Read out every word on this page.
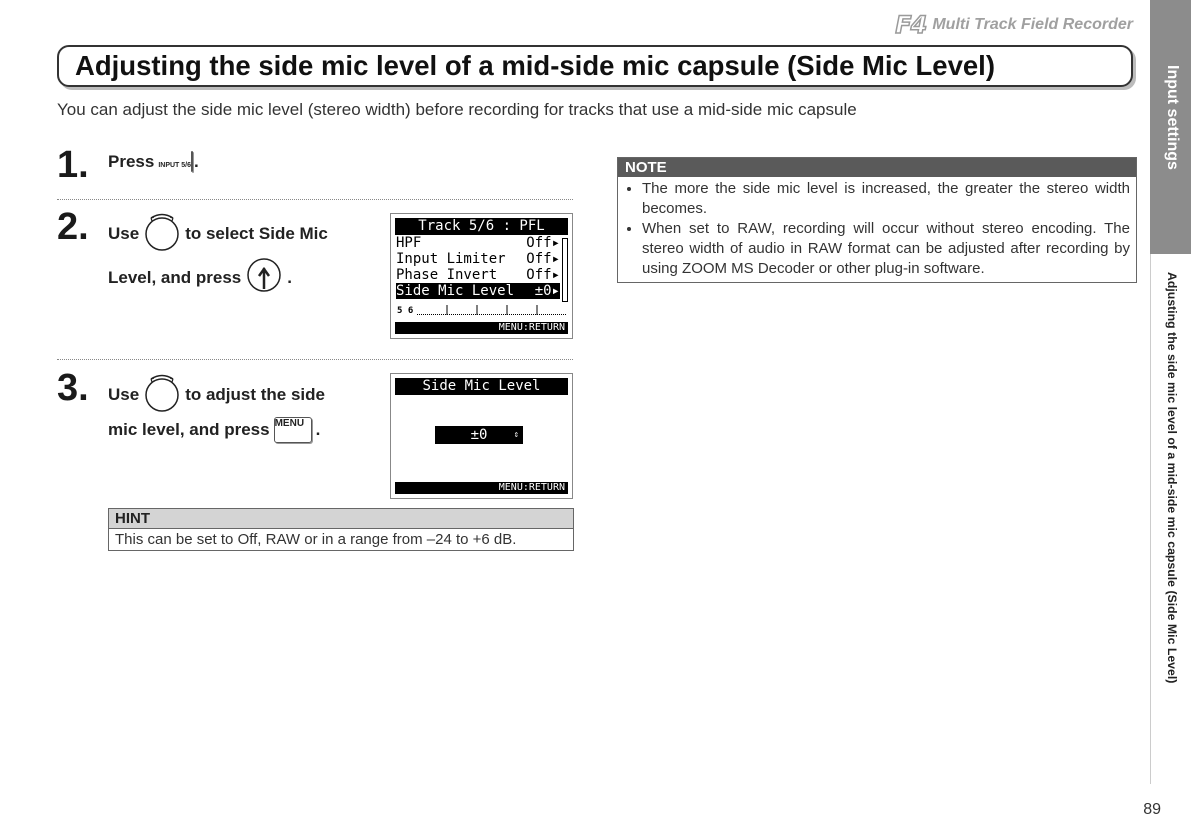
F4 Multi Track Field Recorder
Adjusting the side mic level of a mid-side mic capsule (Side Mic Level)
You can adjust the side mic level (stereo width) before recording for tracks that use a mid-side mic capsule
1. Press INPUT 5/6 .
2. Use	to select Side Mic
Level, and press	.
Track 5/6 : PFL
HPF	Off▸
Input Limiter Off▸
Phase Invert Off▸
Side Mic Level ±0▸
5 6
MENU:RETURN
3. Use	to adjust the side
mic level, and press MENU .
Side Mic Level
±0	⇕
MENU:RETURN
HINT
This can be set to Off, RAW or in a range from –24 to +6 dB.
NOTE
• The more the side mic level is increased, the greater the stereo width becomes.
• When set to RAW, recording will occur without stereo encoding. The stereo width of audio in RAW format can be adjusted after recording by using ZOOM MS Decoder or other plug-in software.
Input settings
Adjusting the side mic level of a mid-side mic capsule (Side Mic Level)
89
